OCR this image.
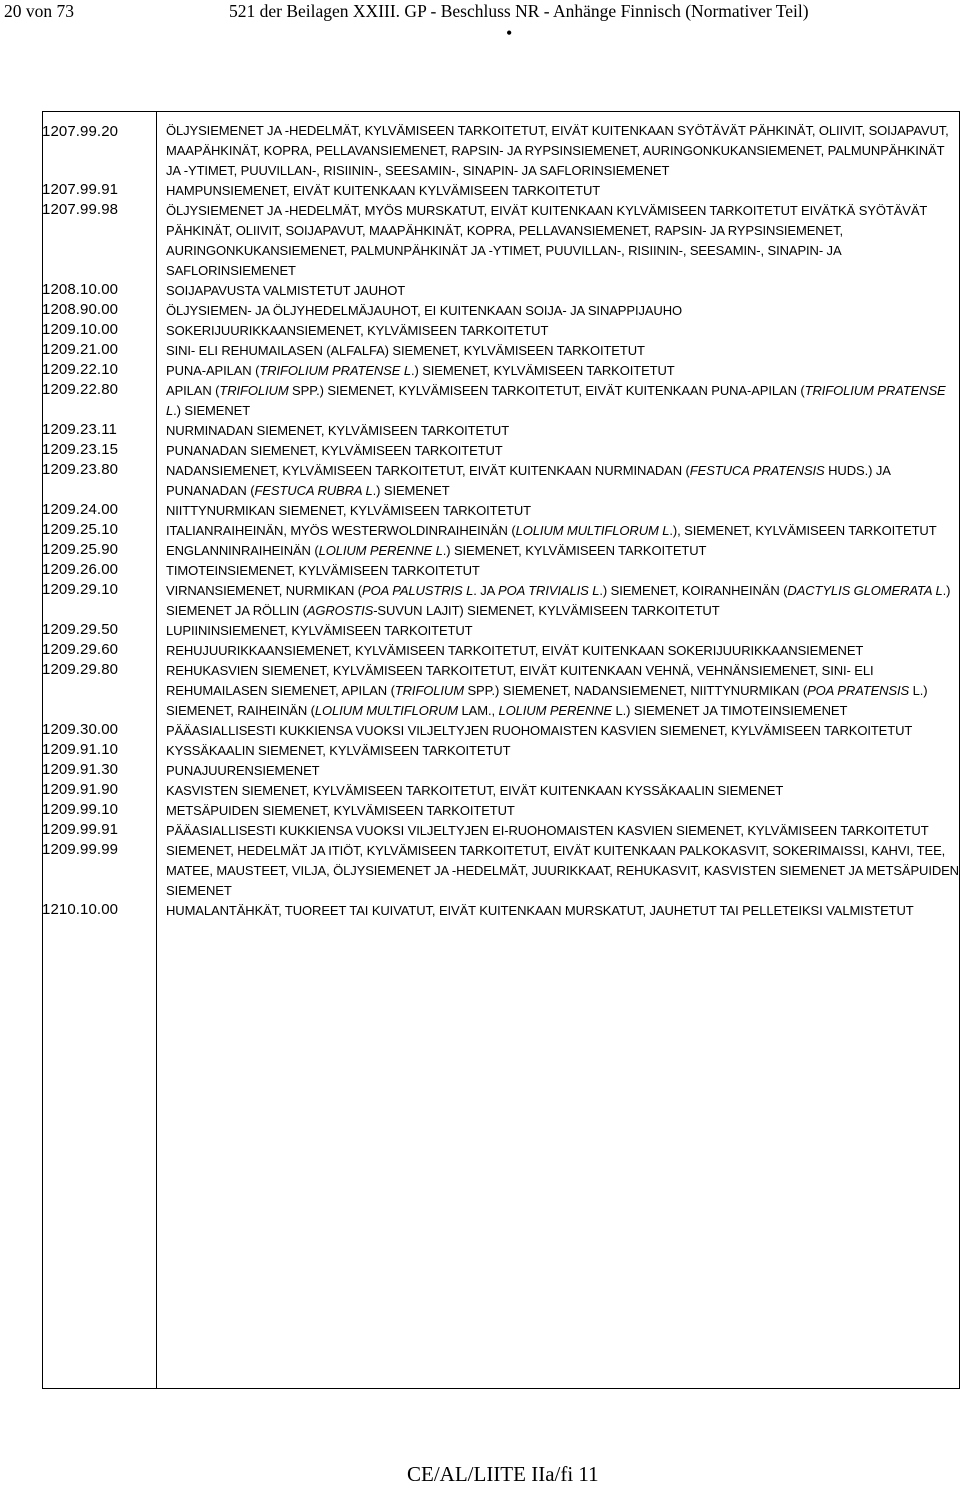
20 von 73	521 der Beilagen XXIII. GP - Beschluss NR - Anhänge Finnisch (Normativer Teil)
•
1207.99.20	ÖLJYSIEMENET JA -HEDELMÄT, KYLVÄMISEEN TARKOITETUT, EIVÄT KUITENKAAN SYÖTÄVÄT PÄHKINÄT, OLIIVIT, SOIJAPAVUT, MAAPÄHKINÄT, KOPRA, PELLAVANSIEMENET, RAPSIN- JA RYPSINSIEMENET, AURINGONKUKANSIEMENET, PALMUNPÄHKINÄT JA -YTIMET, PUUVILLAN-, RISIININ-, SEESAMIN-, SINAPIN- JA SAFLORINSIEMENET
1207.99.91	HAMPUNSIEMENET, EIVÄT KUITENKAAN KYLVÄMISEEN TARKOITETUT
1207.99.98	ÖLJYSIEMENET JA -HEDELMÄT, MYÖS MURSKATUT, EIVÄT KUITENKAAN KYLVÄMISEEN TARKOITETUT EIVÄTKÄ SYÖTÄVÄT PÄHKINÄT, OLIIVIT, SOIJAPAVUT, MAAPÄHKINÄT, KOPRA, PELLAVANSIEMENET, RAPSIN- JA RYPSINSIEMENET, AURINGONKUKANSIEMENET, PALMUNPÄHKINÄT JA -YTIMET, PUUVILLAN-, RISIININ-, SEESAMIN-, SINAPIN- JA SAFLORINSIEMENET
1208.10.00	SOIJAPAVUSTA VALMISTETUT JAUHOT
1208.90.00	ÖLJYSIEMEN- JA ÖLJYHEDELMÄJAUHOT, EI KUITENKAAN SOIJA- JA SINAPPIJAUHO
1209.10.00	SOKERIJUURIKKAANSIEMENET, KYLVÄMISEEN TARKOITETUT
1209.21.00	SINI- ELI REHUMAILASEN (ALFALFA) SIEMENET, KYLVÄMISEEN TARKOITETUT
1209.22.10	PUNA-APILAN (TRIFOLIUM PRATENSE L.) SIEMENET, KYLVÄMISEEN TARKOITETUT
1209.22.80	APILAN (TRIFOLIUM SPP.) SIEMENET, KYLVÄMISEEN TARKOITETUT, EIVÄT KUITENKAAN PUNA-APILAN (TRIFOLIUM PRATENSE L.) SIEMENET
1209.23.11	NURMINADAN SIEMENET, KYLVÄMISEEN TARKOITETUT
1209.23.15	PUNANADAN SIEMENET, KYLVÄMISEEN TARKOITETUT
1209.23.80	NADANSIEMENET, KYLVÄMISEEN TARKOITETUT, EIVÄT KUITENKAAN NURMINADAN (FESTUCA PRATENSIS HUDS.) JA PUNANADAN (FESTUCA RUBRA L.) SIEMENET
1209.24.00	NIITTYNURMIKAN SIEMENET, KYLVÄMISEEN TARKOITETUT
1209.25.10	ITALIANRAIHEINÄN, MYÖS WESTERWOLDINRAIHEINÄN (LOLIUM MULTIFLORUM L.), SIEMENET, KYLVÄMISEEN TARKOITETUT
1209.25.90	ENGLANNINRAIHEINÄN (LOLIUM PERENNE L.) SIEMENET, KYLVÄMISEEN TARKOITETUT
1209.26.00	TIMOTEINSIEMENET, KYLVÄMISEEN TARKOITETUT
1209.29.10	VIRNANSIEMENET, NURMIKAN (POA PALUSTRIS L. JA POA TRIVIALIS L.) SIEMENET, KOIRANHEINÄN (DACTYLIS GLOMERATA L.) SIEMENET JA RÖLLIN (AGROSTIS-SUVUN LAJIT) SIEMENET, KYLVÄMISEEN TARKOITETUT
1209.29.50	LUPIININSIEMENET, KYLVÄMISEEN TARKOITETUT
1209.29.60	REHUJUURIKKAANSIEMENET, KYLVÄMISEEN TARKOITETUT, EIVÄT KUITENKAAN SOKERIJUURIKKAANSIEMENET
1209.29.80	REHUKASVIEN SIEMENET, KYLVÄMISEEN TARKOITETUT, EIVÄT KUITENKAAN VEHNÄ, VEHNÄNSIEMENET, SINI- ELI REHUMAILASEN SIEMENET, APILAN (TRIFOLIUM SPP.) SIEMENET, NADANSIEMENET, NIITTYNURMIKAN (POA PRATENSIS L.) SIEMENET, RAIHEINÄN (LOLIUM MULTIFLORUM LAM., LOLIUM PERENNE L.) SIEMENET JA TIMOTEINSIEMENET
1209.30.00	PÄÄASIALLISESTI KUKKIENSA VUOKSI VILJELTYJEN RUOHOMAISTEN KASVIEN SIEMENET, KYLVÄMISEEN TARKOITETUT
1209.91.10	KYSSÄKAALIN SIEMENET, KYLVÄMISEEN TARKOITETUT
1209.91.30	PUNAJUURENSIEMENET
1209.91.90	KASVISTEN SIEMENET, KYLVÄMISEEN TARKOITETUT, EIVÄT KUITENKAAN KYSSÄKAALIN SIEMENET
1209.99.10	METSÄPUIDEN SIEMENET, KYLVÄMISEEN TARKOITETUT
1209.99.91	PÄÄASIALLISESTI KUKKIENSA VUOKSI VILJELTYJEN EI-RUOHOMAISTEN KASVIEN SIEMENET, KYLVÄMISEEN TARKOITETUT
1209.99.99	SIEMENET, HEDELMÄT JA ITIÖT, KYLVÄMISEEN TARKOITETUT, EIVÄT KUITENKAAN PALKOKASVIT, SOKERIMAISSI, KAHVI, TEE, MATEE, MAUSTEET, VILJA, ÖLJYSIEMENET JA -HEDELMÄT, JUURIKKAAT, REHUKASVIT, KASVISTEN SIEMENET JA METSÄPUIDEN SIEMENET
1210.10.00	HUMALANTÄHKÄT, TUOREET TAI KUIVATUT, EIVÄT KUITENKAAN MURSKATUT, JAUHETUT TAI PELLETEIKSI VALMISTETUT
CE/AL/LIITE IIa/fi 11
